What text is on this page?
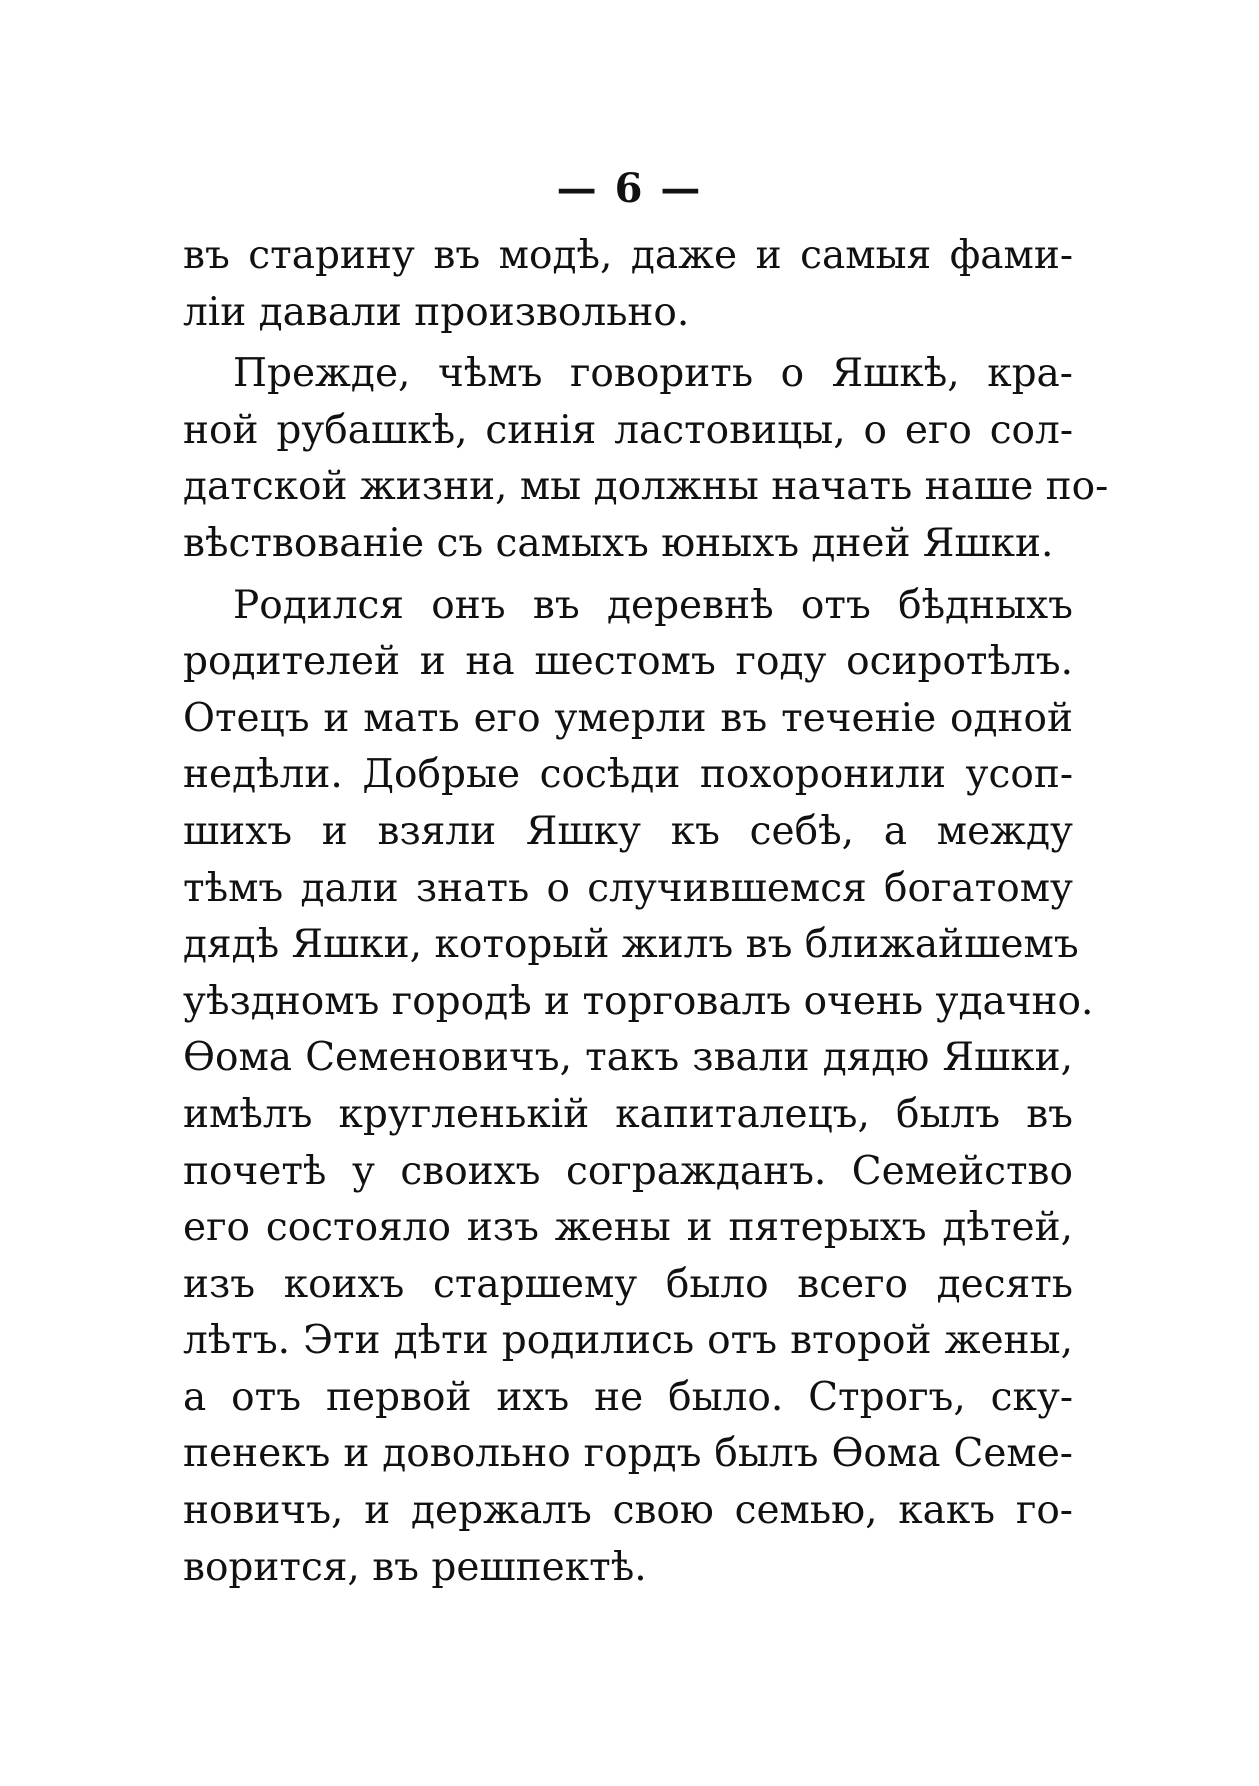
— 6 —
въ старину въ модѣ, даже и самыя фами-
ліи давали произвольно.
Прежде, чѣмъ говорить о Яшкѣ, кра-
ной рубашкѣ, синія ластовицы, о его сол-
датской жизни, мы должны начать наше по-
вѣствованіе съ самыхъ юныхъ дней Яшки.
Родился онъ въ деревнѣ отъ бѣдныхъ
родителей и на шестомъ году осиротѣлъ.
Отецъ и мать его умерли въ теченіе одной
недѣли. Добрые сосѣди похоронили усоп-
шихъ и взяли Яшку къ себѣ, а между
тѣмъ дали знать о случившемся богатому
дядѣ Яшки, который жилъ въ ближайшемъ
уѣздномъ городѣ и торговалъ очень удачно.
Ѳома Семеновичъ, такъ звали дядю Яшки,
имѣлъ кругленькій капиталецъ, былъ въ
почетѣ у своихъ согражданъ. Семейство
его состояло изъ жены и пятерыхъ дѣтей,
изъ коихъ старшему было всего десять
лѣтъ. Эти дѣти родились отъ второй жены,
а отъ первой ихъ не было. Строгъ, ску-
пенекъ и довольно гордъ былъ Ѳома Семе-
новичъ, и держалъ свою семью, какъ го-
ворится, въ решпектѣ.
